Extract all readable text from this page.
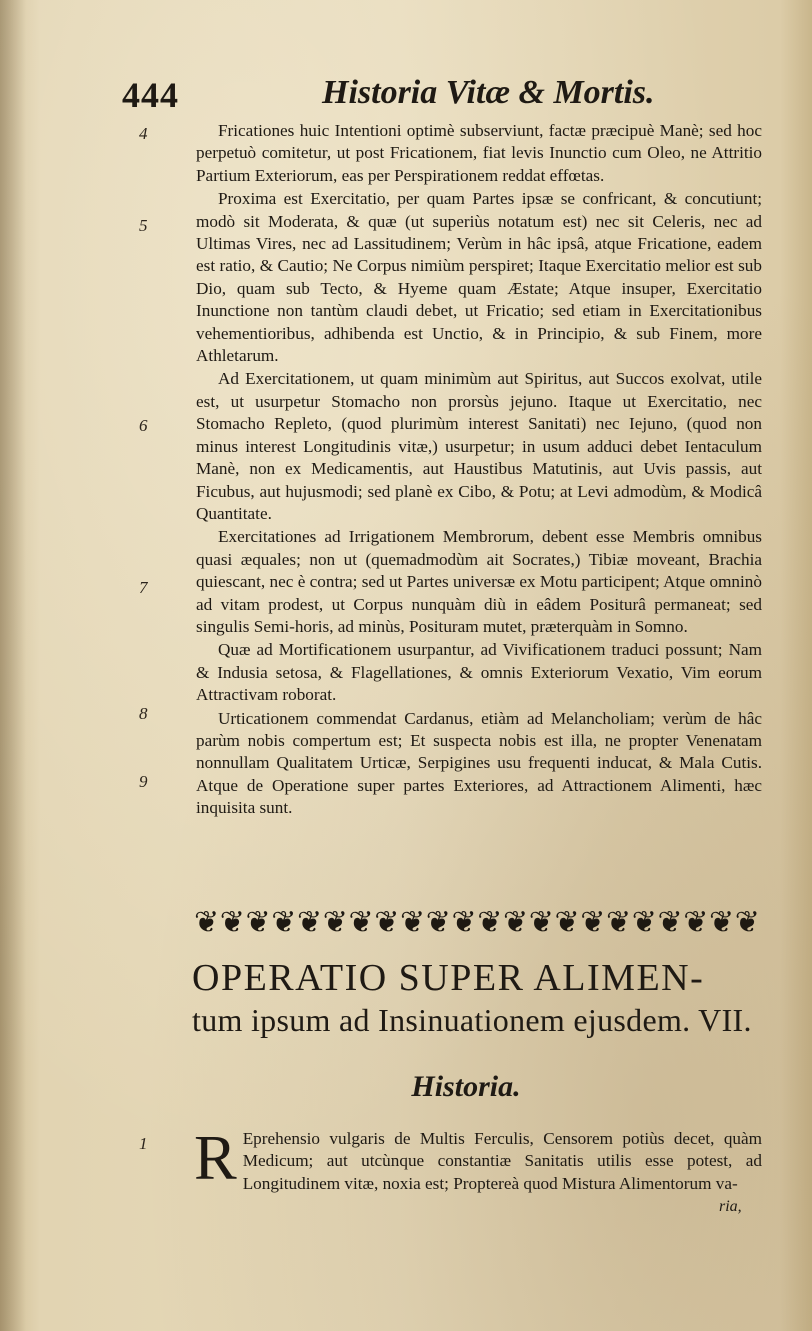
444	Historia Vitæ & Mortis.
4
5
6
7
8
9

Fricationes huic Intentioni optimè subserviunt, factæ præcipuè Manè; sed hoc perpetuò comitetur, ut post Fricationem, fiat levis Inunctio cum Oleo, ne Attritio Partium Exteriorum, eas per Perspirationem reddat effœtas.

Proxima est Exercitatio, per quam Partes ipsæ se confricant, & concutiunt; modò sit Moderata, & quæ (ut superiùs notatum est) nec sit Celeris, nec ad Ultimas Vires, nec ad Lassitudinem; Verùm in hâc ipsâ, atque Fricatione, eadem est ratio, & Cautio; Ne Corpus nimiùm perspiret; Itaque Exercitatio melior est sub Dio, quam sub Tecto, & Hyeme quam Æstate; Atque insuper, Exercitatio Inunctione non tantùm claudi debet, ut Fricatio; sed etiam in Exercitationibus vehementioribus, adhibenda est Unctio, & in Principio, & sub Finem, more Athletarum.

Ad Exercitationem, ut quam minimùm aut Spiritus, aut Succos exolvat, utile est, ut usurpetur Stomacho non prorsùs jejuno. Itaque ut Exercitatio, nec Stomacho Repleto, (quod plurimùm interest Sanitati) nec Iejuno, (quod non minus interest Longitudinis vitæ,) usurpetur; in usum adduci debet Ientaculum Manè, non ex Medicamentis, aut Haustibus Matutinis, aut Uvis passis, aut Ficubus, aut hujusmodi; sed planè ex Cibo, & Potu; at Levi admodùm, & Modicâ Quantitate.

Exercitationes ad Irrigationem Membrorum, debent esse Membris omnibus quasi æquales; non ut (quemadmodùm ait Socrates,) Tibiæ moveant, Brachia quiescant, nec è contra; sed ut Partes universæ ex Motu participent; Atque omninò ad vitam prodest, ut Corpus nunquàm diù in eâdem Positurâ permaneat; sed singulis Semi-horis, ad minùs, Posituram mutet, præterquàm in Somno.

Quæ ad Mortificationem usurpantur, ad Vivificationem traduci possunt; Nam & Indusia setosa, & Flagellationes, & omnis Exteriorum Vexatio, Vim eorum Attractivam roborat.

Urticationem commendat Cardanus, etiàm ad Melancholiam; verùm de hâc parùm nobis compertum est; Et suspecta nobis est illa, ne propter Venenatam nonnullam Qualitatem Urticæ, Serpigines usu frequenti inducat, & Mala Cutis. Atque de Operatione super partes Exteriores, ad Attractionem Alimenti, hæc inquisita sunt.

❦ ❦ ❦ ❦ ❦ ❦ ❦ ❦ ❦ ❦ ❦ ❦ ❦ ❦ ❦ ❦ ❦ ❦ ❦ ❦ ❦ ❦
OPERATIO SUPER ALIMEN-
tum ipsum ad Insinuationem ejusdem. VII.
Historia.
1 R Eprehensio vulgaris de Multis Ferculis, Censorem potiùs decet, quàm Medicum; aut utcùnque constantiæ Sanitatis utilis esse potest, ad Longitudinem vitæ, noxia est; Proptereà quod Mistura Alimentorum va-

ria,
